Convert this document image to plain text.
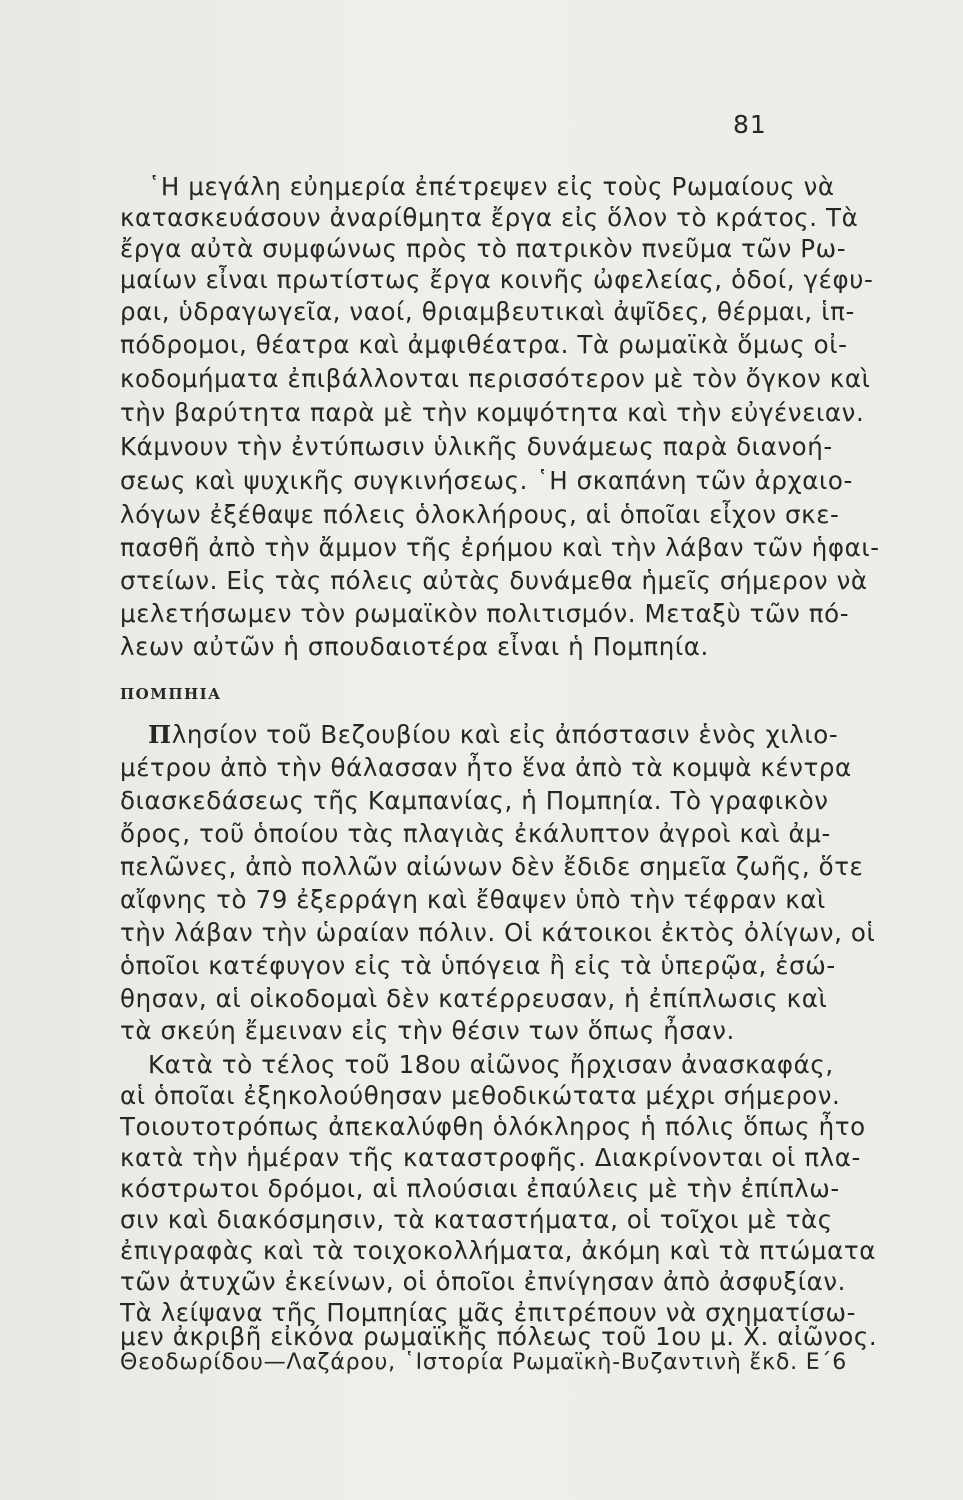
81
῾Η μεγάλη εὐημερία ἐπέτρεψεν εἰς τοὺς Ρωμαίους νὰ
κατασκευάσουν ἀναρίθμητα ἔργα εἰς ὅλον τὸ κράτος. Τὰ
ἔργα αὐτὰ συμφώνως πρὸς τὸ πατρικὸν πνεῦμα τῶν Ρω-
μαίων εἶναι πρωτίστως ἔργα κοινῆς ὠφελείας, ὁδοί, γέφυ-
ραι, ὑδραγωγεῖα, ναοί, θριαμβευτικαὶ ἀψῖδες, θέρμαι, ἱπ-
πόδρομοι, θέατρα καὶ ἀμφιθέατρα. Τὰ ρωμαϊκὰ ὅμως οἰ-
κοδομήματα ἐπιβάλλονται περισσότερον μὲ τὸν ὄγκον καὶ
τὴν βαρύτητα παρὰ μὲ τὴν κομψότητα καὶ τὴν εὐγένειαν.
Κάμνουν τὴν ἐντύπωσιν ὑλικῆς δυνάμεως παρὰ διανοή-
σεως καὶ ψυχικῆς συγκινήσεως. ῾Η σκαπάνη τῶν ἀρχαιο-
λόγων ἐξέθαψε πόλεις ὁλοκλήρους, αἱ ὁποῖαι εἶχον σκε-
πασθῆ ἀπὸ τὴν ἄμμον τῆς ἐρήμου καὶ τὴν λάβαν τῶν ἡφαι-
στείων. Εἰς τὰς πόλεις αὐτὰς δυνάμεθα ἡμεῖς σήμερον νὰ
μελετήσωμεν τὸν ρωμαϊκὸν πολιτισμόν. Μεταξὺ τῶν πό-
λεων αὐτῶν ἡ σπουδαιοτέρα εἶναι ἡ Πομπηία.
ΠΟΜΠΗΙΑ
Πλησίον τοῦ Βεζουβίου καὶ εἰς ἀπόστασιν ἑνὸς χιλιο-
μέτρου ἀπὸ τὴν θάλασσαν ἦτο ἕνα ἀπὸ τὰ κομψὰ κέντρα
διασκεδάσεως τῆς Καμπανίας, ἡ Πομπηία. Τὸ γραφικὸν
ὄρος, τοῦ ὁποίου τὰς πλαγιὰς ἐκάλυπτον ἀγροὶ καὶ ἀμ-
πελῶνες, ἀπὸ πολλῶν αἰώνων δὲν ἔδιδε σημεῖα ζωῆς, ὅτε
αἴφνης τὸ 79 ἐξερράγη καὶ ἔθαψεν ὑπὸ τὴν τέφραν καὶ
τὴν λάβαν τὴν ὡραίαν πόλιν. Οἱ κάτοικοι ἐκτὸς ὀλίγων, οἱ
ὁποῖοι κατέφυγον εἰς τὰ ὑπόγεια ἢ εἰς τὰ ὑπερῷα, ἐσώ-
θησαν, αἱ οἰκοδομαὶ δὲν κατέρρευσαν, ἡ ἐπίπλωσις καὶ
τὰ σκεύη ἔμειναν εἰς τὴν θέσιν των ὅπως ἦσαν.
Κατὰ τὸ τέλος τοῦ 18ου αἰῶνος ἤρχισαν ἀνασκαφάς,
αἱ ὁποῖαι ἐξηκολούθησαν μεθοδικώτατα μέχρι σήμερον.
Τοιουτοτρόπως ἀπεκαλύφθη ὁλόκληρος ἡ πόλις ὅπως ἦτο
κατὰ τὴν ἡμέραν τῆς καταστροφῆς. Διακρίνονται οἱ πλα-
κόστρωτοι δρόμοι, αἱ πλούσιαι ἐπαύλεις μὲ τὴν ἐπίπλω-
σιν καὶ διακόσμησιν, τὰ καταστήματα, οἱ τοῖχοι μὲ τὰς
ἐπιγραφὰς καὶ τὰ τοιχοκολλήματα, ἀκόμη καὶ τὰ πτώματα
τῶν ἀτυχῶν ἐκείνων, οἱ ὁποῖοι ἐπνίγησαν ἀπὸ ἀσφυξίαν.
Τὰ λείψανα τῆς Πομπηίας μᾶς ἐπιτρέπουν νὰ σχηματίσω-
μεν ἀκριβῆ εἰκόνα ρωμαϊκῆς πόλεως τοῦ 1ου μ. Χ. αἰῶνος.
Θεοδωρίδου—Λαζάρου, ῾Ιστορία Ρωμαϊκὴ-Βυζαντινὴ ἔκδ. Ε´ 6
